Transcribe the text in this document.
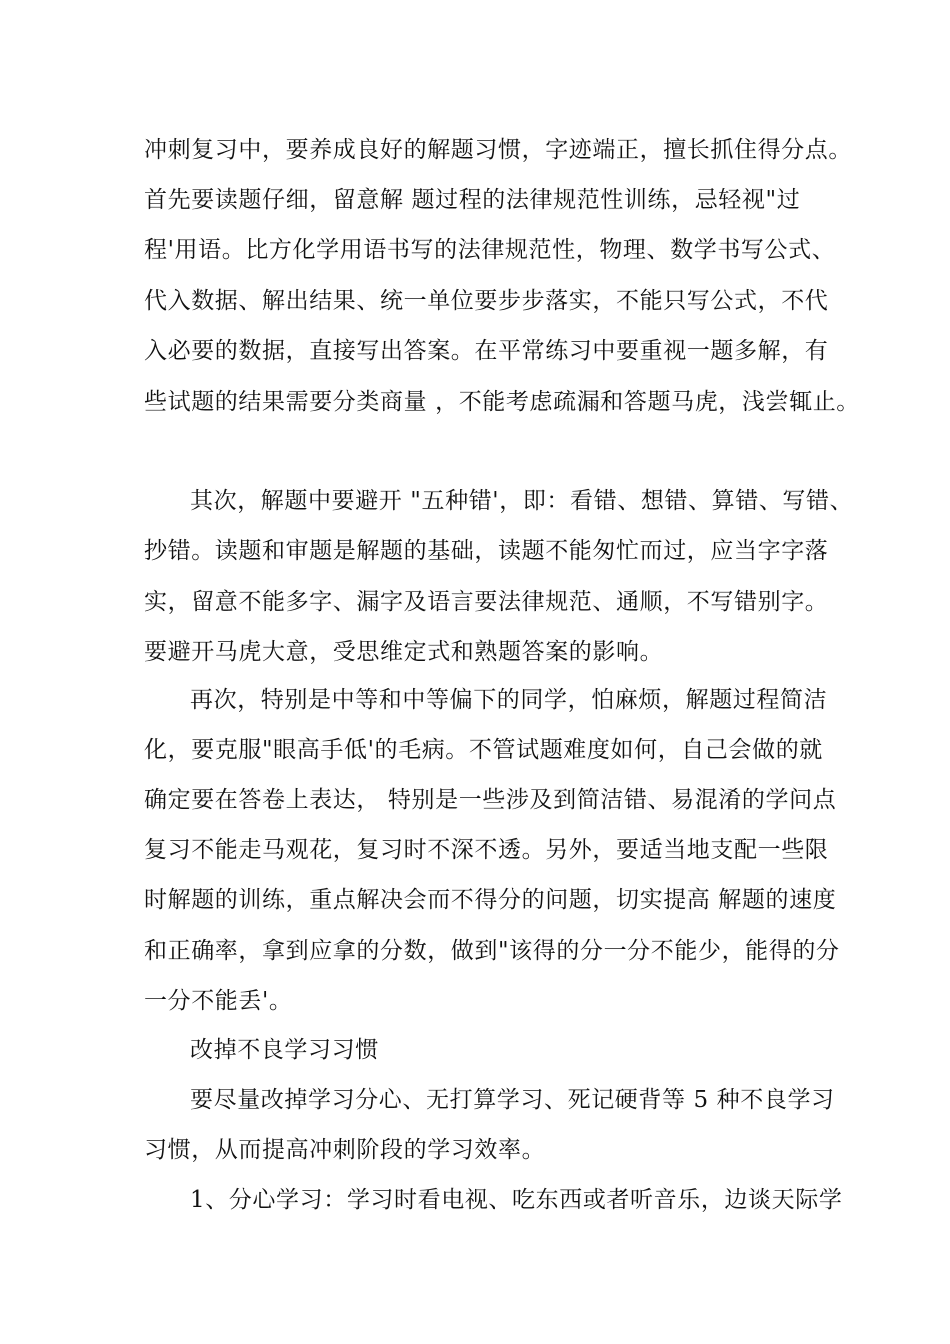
冲刺复习中，要养成良好的解题习惯，字迹端正，擅长抓住得分点。
首先要读题仔细，留意解 题过程的法律规范性训练，忌轻视"过
程'用语。比方化学用语书写的法律规范性，物理、数学书写公式、
代入数据、解出结果、统一单位要步步落实，不能只写公式，不代
入必要的数据，直接写出答案。在平常练习中要重视一题多解，有
些试题的结果需要分类商量 ，不能考虑疏漏和答题马虎，浅尝辄止。
其次，解题中要避开 "五种错'，即：看错、想错、算错、写错、
抄错。读题和审题是解题的基础，读题不能匆忙而过，应当字字落
实，留意不能多字、漏字及语言要法律规范、通顺，不写错别字。
要避开马虎大意，受思维定式和熟题答案的影响。
再次，特别是中等和中等偏下的同学，怕麻烦，解题过程简洁
化，要克服"眼高手低'的毛病。不管试题难度如何，自己会做的就
确定要在答卷上表达， 特别是一些涉及到简洁错、易混淆的学问点
复习不能走马观花，复习时不深不透。另外，要适当地支配一些限
时解题的训练，重点解决会而不得分的问题，切实提高 解题的速度
和正确率，拿到应拿的分数，做到"该得的分一分不能少，能得的分
一分不能丢'。
改掉不良学习习惯
要尽量改掉学习分心、无打算学习、死记硬背等 5 种不良学习
习惯，从而提高冲刺阶段的学习效率。
1、分心学习：学习时看电视、吃东西或者听音乐，边谈天际学
